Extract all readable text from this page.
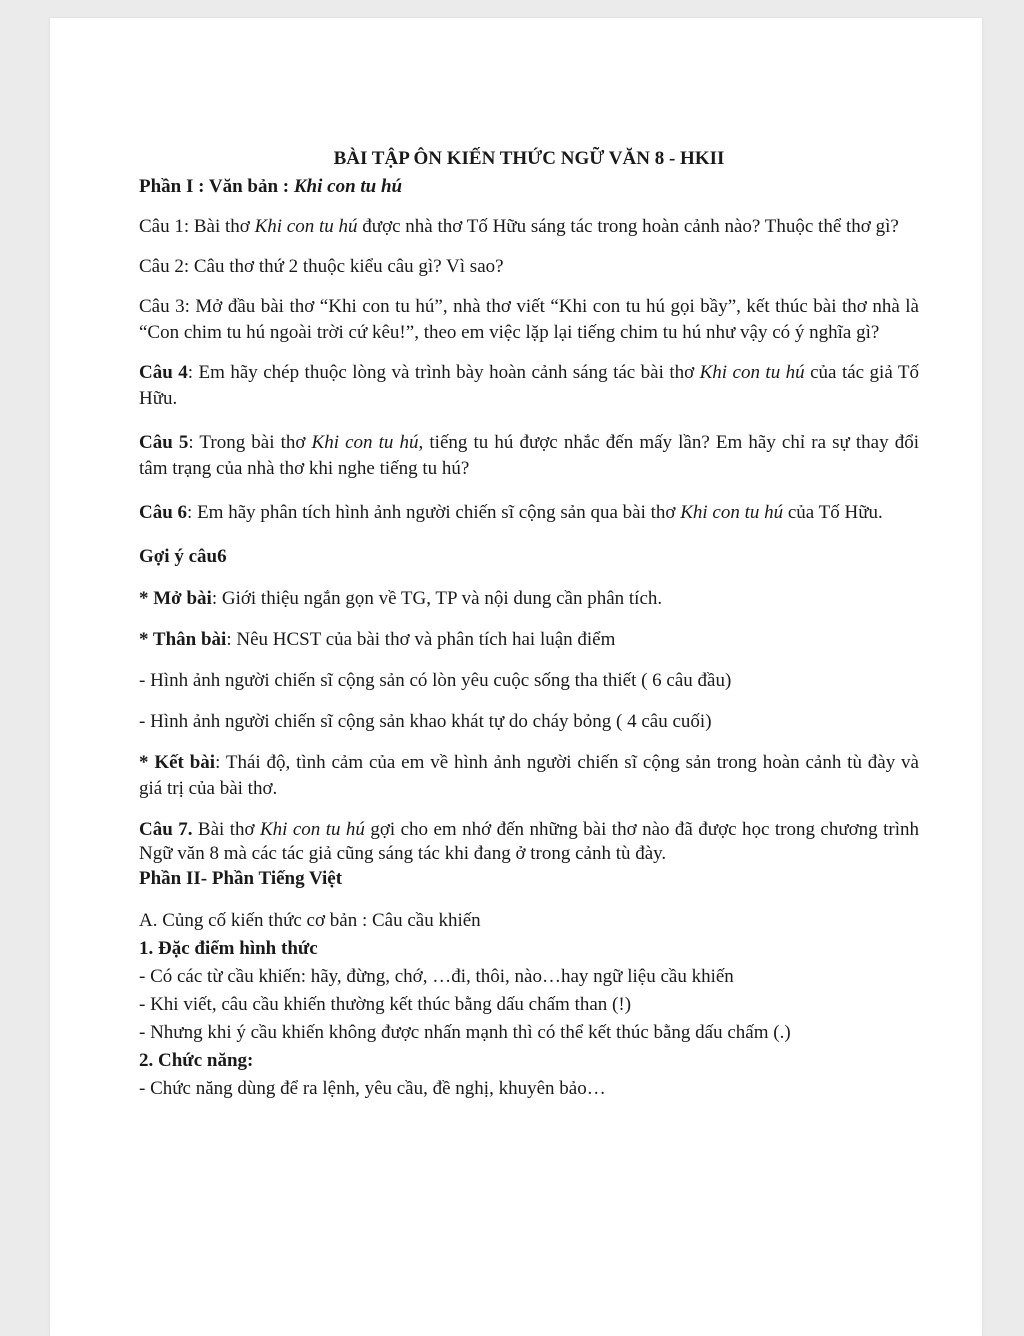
BÀI TẬP ÔN KIẾN THỨC NGỮ VĂN 8 - HKII
Phần I : Văn bản : Khi con tu hú

Câu 1: Bài thơ Khi con tu hú được nhà thơ Tố Hữu sáng tác trong hoàn cảnh nào? Thuộc thể thơ gì?

Câu 2: Câu thơ thứ 2 thuộc kiểu câu gì? Vì sao?

Câu 3: Mở đầu bài thơ “Khi con tu hú”, nhà thơ viết “Khi con tu hú gọi bầy”, kết thúc bài thơ nhà là “Con chim tu hú ngoài trời cứ kêu!”, theo em việc lặp lại tiếng chim tu hú như vậy có ý nghĩa gì?

Câu 4: Em hãy chép thuộc lòng và trình bày hoàn cảnh sáng tác bài thơ Khi con tu hú của tác giả Tố Hữu.

Câu 5: Trong bài thơ Khi con tu hú, tiếng tu hú được nhắc đến mấy lần? Em hãy chỉ ra sự thay đổi tâm trạng của nhà thơ khi nghe tiếng tu hú?

Câu 6: Em hãy phân tích hình ảnh người chiến sĩ cộng sản qua bài thơ Khi con tu hú của Tố Hữu.

Gợi ý câu6

* Mở bài: Giới thiệu ngắn gọn về TG, TP và nội dung cần phân tích.

* Thân bài: Nêu HCST của bài thơ và phân tích hai luận điểm

- Hình ảnh người chiến sĩ cộng sản có lòn yêu cuộc sống tha thiết ( 6 câu đầu)

- Hình ảnh người chiến sĩ cộng sản khao khát tự do cháy bỏng ( 4 câu cuối)

* Kết bài: Thái độ, tình cảm của em về hình ảnh người chiến sĩ cộng sản trong hoàn cảnh tù đày và giá trị của bài thơ.

Câu 7. Bài thơ Khi con tu hú gợi cho em nhớ đến những bài thơ nào đã được học trong chương trình Ngữ văn 8 mà các tác giả cũng sáng tác khi đang ở trong cảnh tù đày.

Phần II- Phần Tiếng Việt

A. Củng cố kiến thức cơ bản : Câu cầu khiến

1. Đặc điểm hình thức
- Có các từ cầu khiến: hãy, đừng, chớ, …đi, thôi, nào…hay ngữ liệu cầu khiến
- Khi viết, câu cầu khiến thường kết thúc bằng dấu chấm than (!)
- Nhưng khi ý cầu khiến không được nhấn mạnh thì có thể kết thúc bằng dấu chấm (.)
2. Chức năng:
- Chức năng dùng để ra lệnh, yêu cầu, đề nghị, khuyên bảo…
